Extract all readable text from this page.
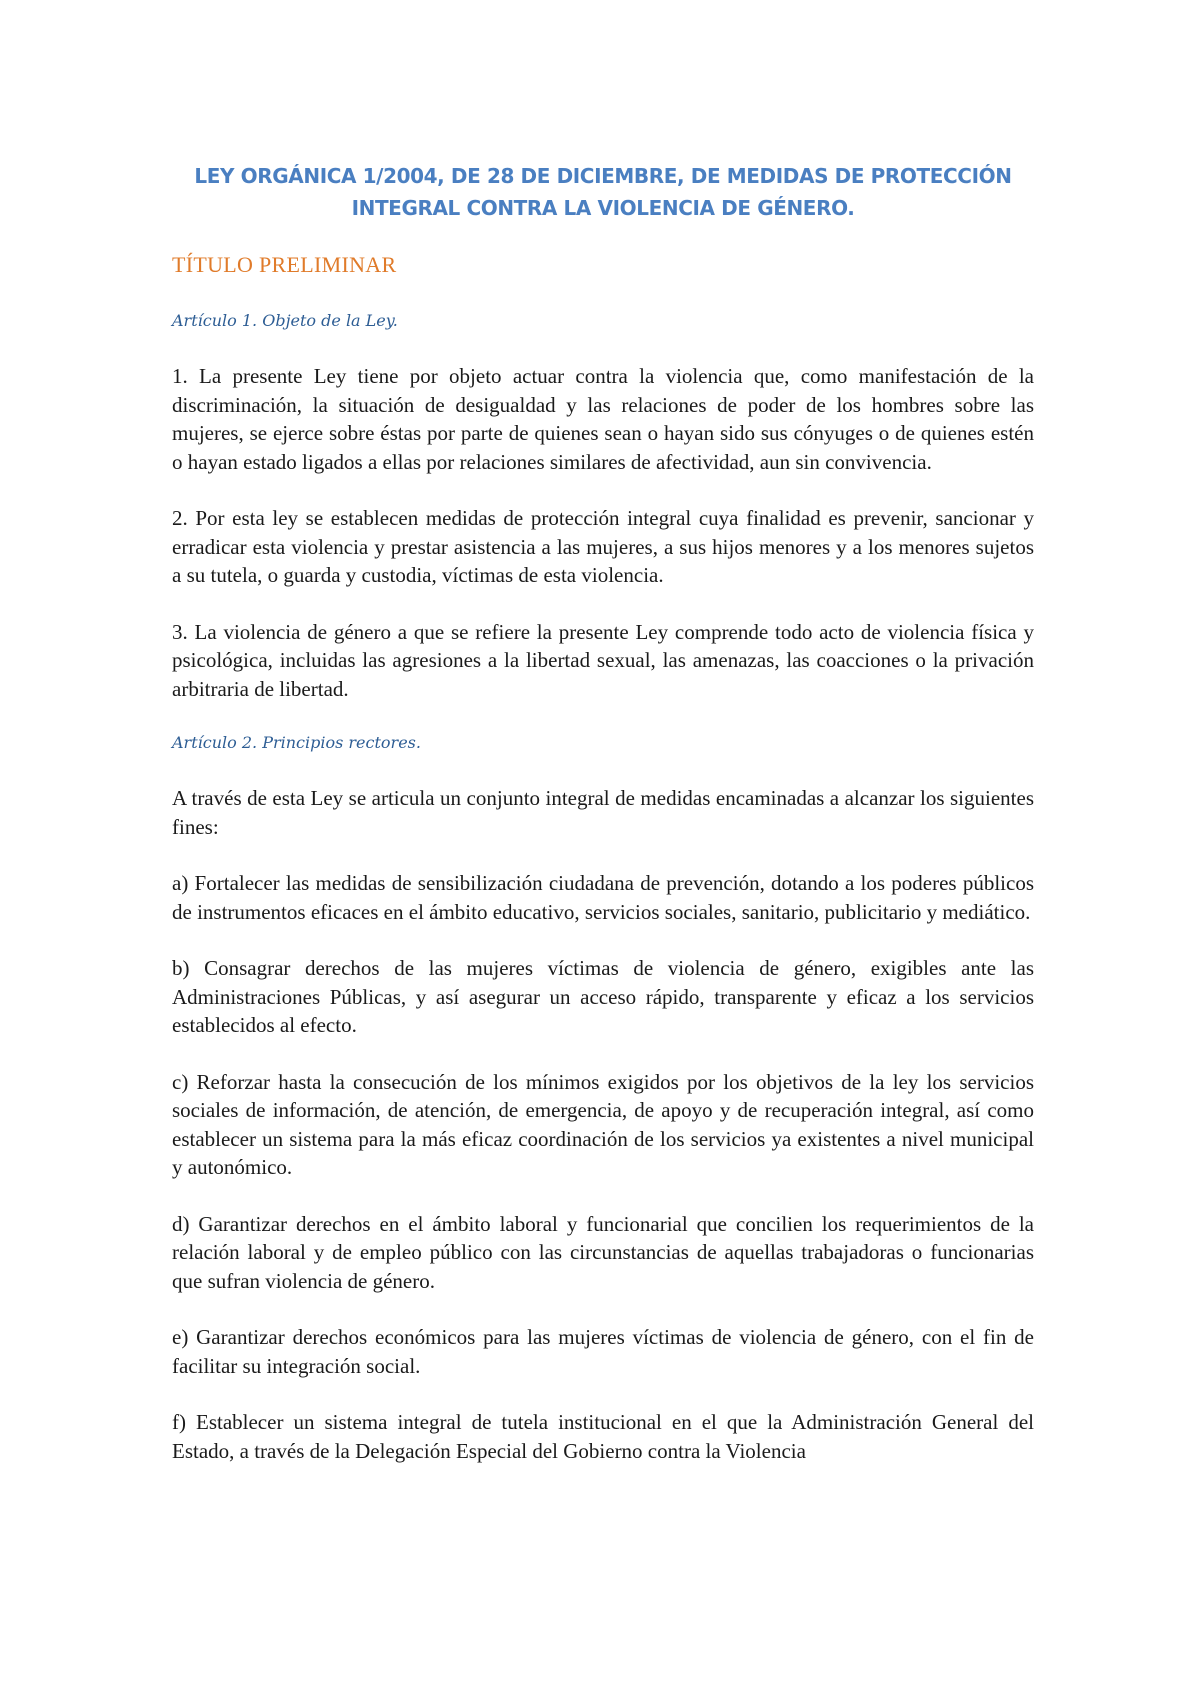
LEY ORGÁNICA 1/2004, DE 28 DE DICIEMBRE, DE MEDIDAS DE PROTECCIÓN
INTEGRAL CONTRA LA VIOLENCIA DE GÉNERO.
TÍTULO PRELIMINAR
Artículo 1. Objeto de la Ley.

1. La presente Ley tiene por objeto actuar contra la violencia que, como manifestación de la discriminación, la situación de desigualdad y las relaciones de poder de los hombres sobre las mujeres, se ejerce sobre éstas por parte de quienes sean o hayan sido sus cónyuges o de quienes estén o hayan estado ligados a ellas por relaciones similares de afectividad, aun sin convivencia.

2. Por esta ley se establecen medidas de protección integral cuya finalidad es prevenir, sancionar y erradicar esta violencia y prestar asistencia a las mujeres, a sus hijos menores y a los menores sujetos a su tutela, o guarda y custodia, víctimas de esta violencia.

3. La violencia de género a que se refiere la presente Ley comprende todo acto de violencia física y psicológica, incluidas las agresiones a la libertad sexual, las amenazas, las coacciones o la privación arbitraria de libertad.

Artículo 2. Principios rectores.

A través de esta Ley se articula un conjunto integral de medidas encaminadas a alcanzar los siguientes fines:

a) Fortalecer las medidas de sensibilización ciudadana de prevención, dotando a los poderes públicos de instrumentos eficaces en el ámbito educativo, servicios sociales, sanitario, publicitario y mediático.

b) Consagrar derechos de las mujeres víctimas de violencia de género, exigibles ante las Administraciones Públicas, y así asegurar un acceso rápido, transparente y eficaz a los servicios establecidos al efecto.

c) Reforzar hasta la consecución de los mínimos exigidos por los objetivos de la ley los servicios sociales de información, de atención, de emergencia, de apoyo y de recuperación integral, así como establecer un sistema para la más eficaz coordinación de los servicios ya existentes a nivel municipal y autonómico.

d) Garantizar derechos en el ámbito laboral y funcionarial que concilien los requerimientos de la relación laboral y de empleo público con las circunstancias de aquellas trabajadoras o funcionarias que sufran violencia de género.

e) Garantizar derechos económicos para las mujeres víctimas de violencia de género, con el fin de facilitar su integración social.

f) Establecer un sistema integral de tutela institucional en el que la Administración General del Estado, a través de la Delegación Especial del Gobierno contra la Violencia
